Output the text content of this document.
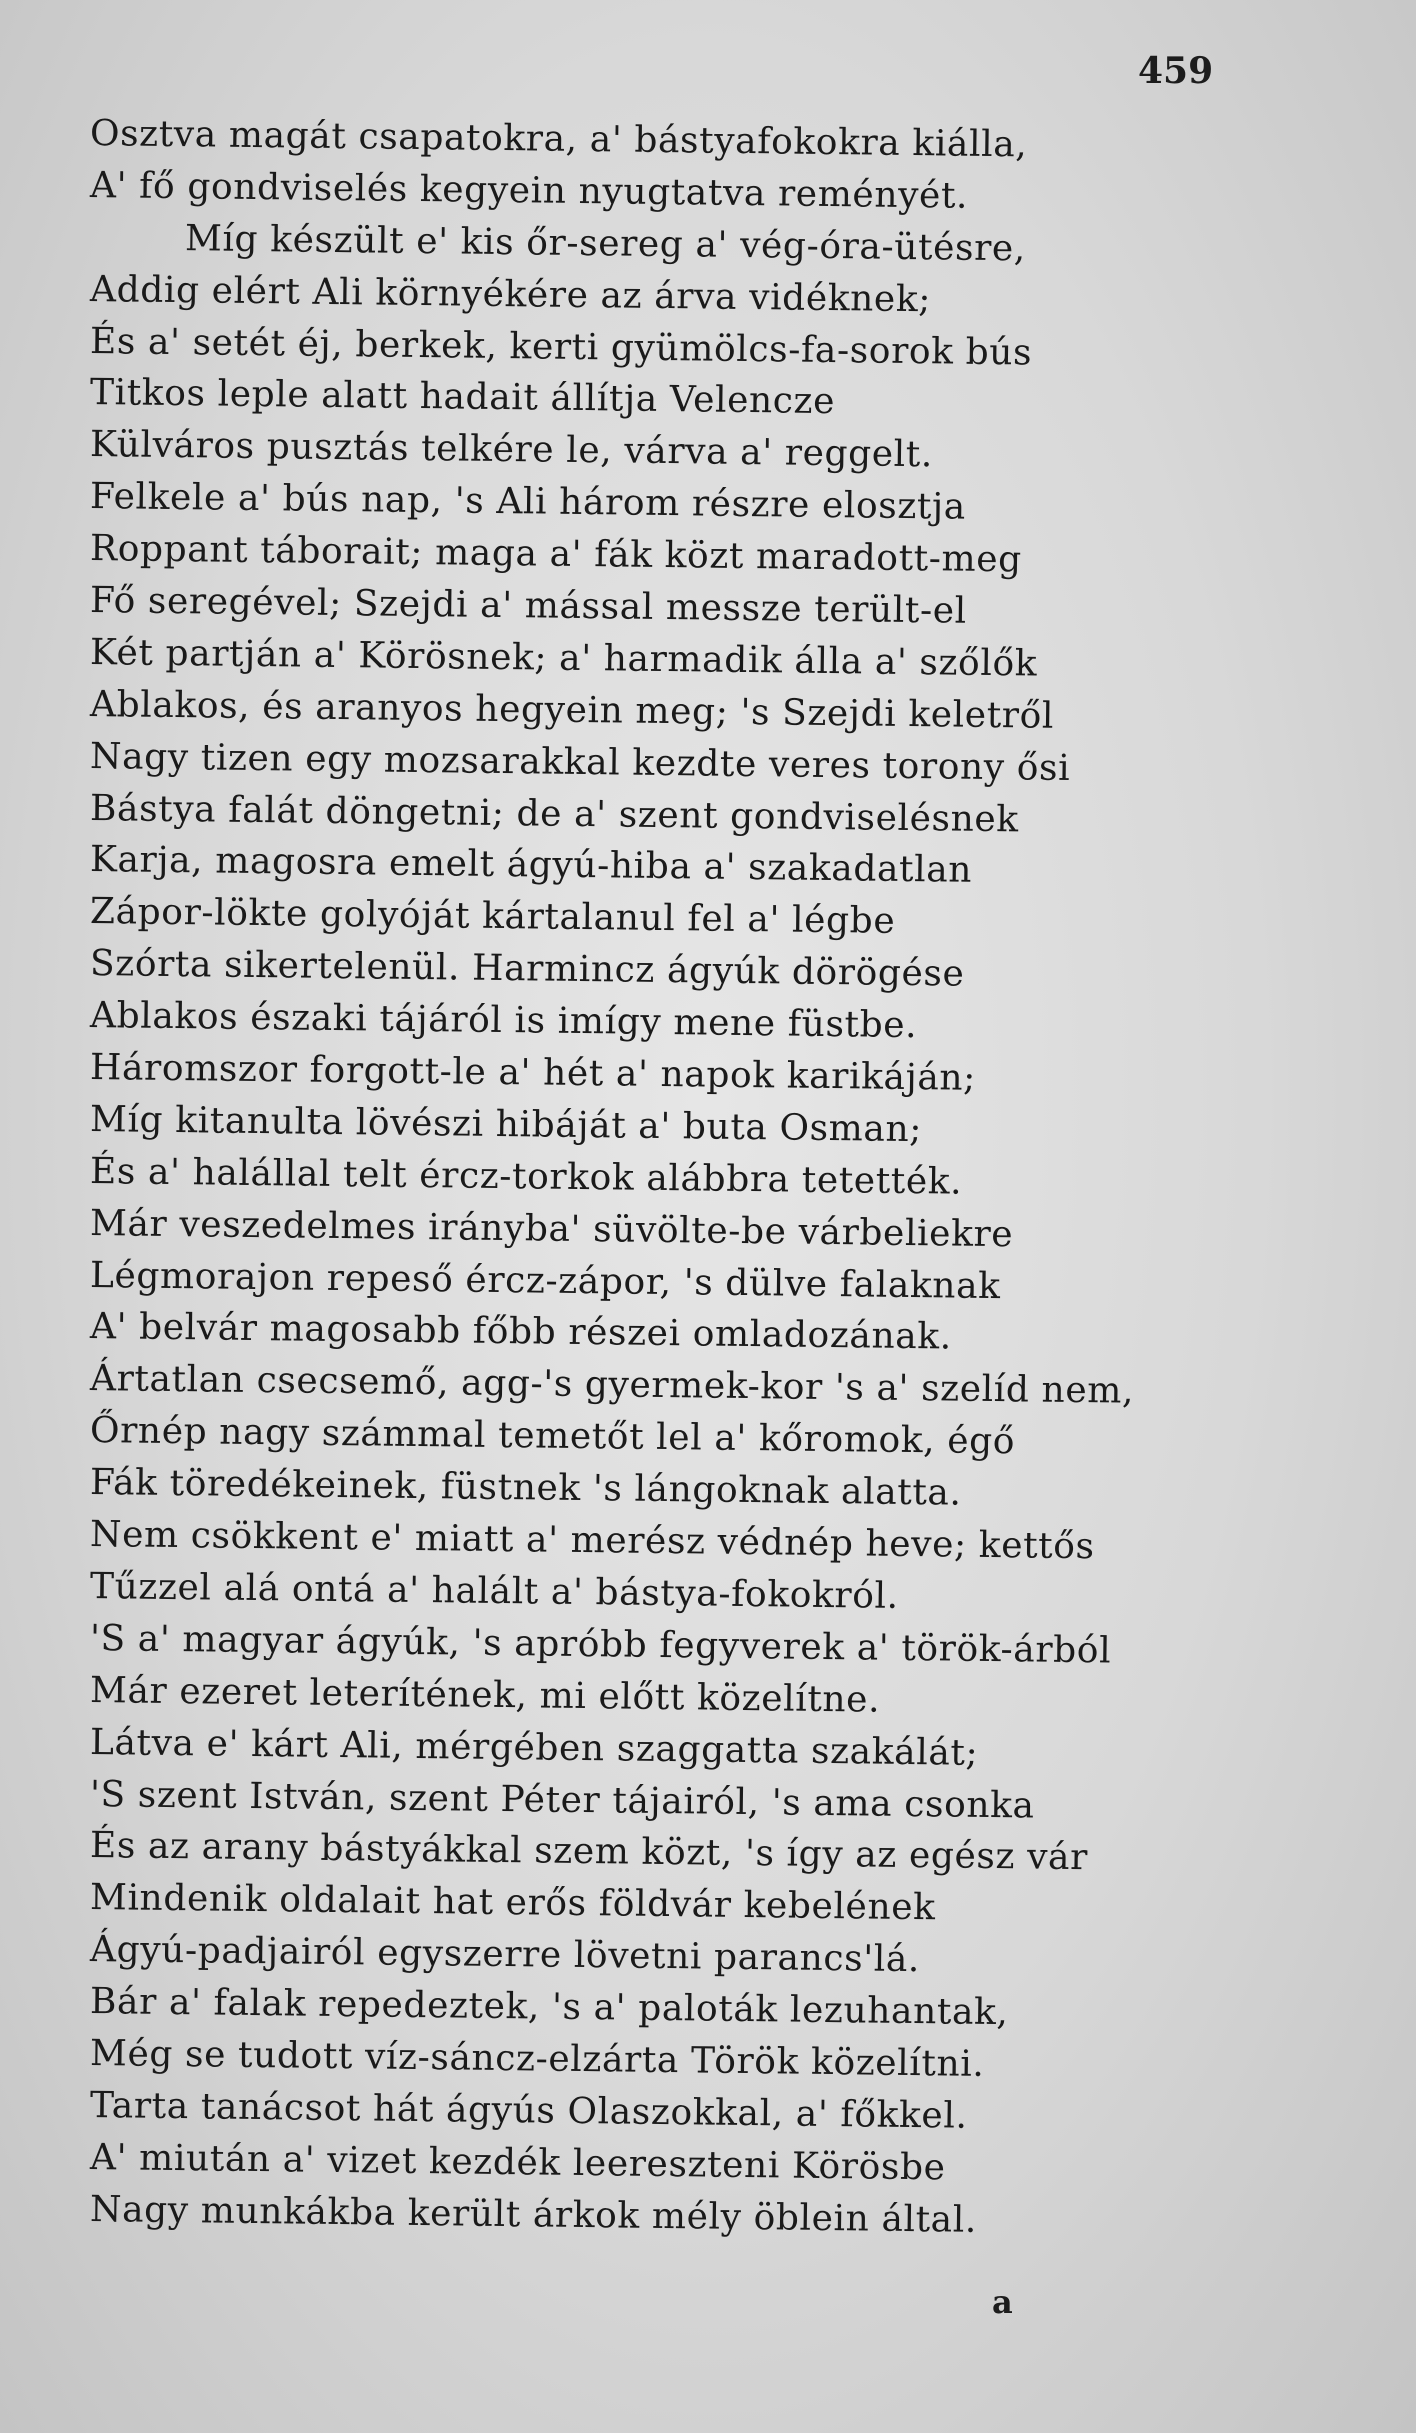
459
Osztva magát csapatokra, a' bástyafokokra kiálla,
A' fő gondviselés kegyein nyugtatva reményét.
Míg készült e' kis őr-sereg a' vég-óra-ütésre,
Addig elért Ali környékére az árva vidéknek;
És a' setét éj, berkek, kerti gyümölcs-fa-sorok bús
Titkos leple alatt hadait állítja Velencze
Külváros pusztás telkére le, várva a' reggelt.
Felkele a' bús nap, 's Ali három részre elosztja
Roppant táborait; maga a' fák közt maradott-meg
Fő seregével; Szejdi a' mással messze terült-el
Két partján a' Körösnek; a' harmadik álla a' szőlők
Ablakos, és aranyos hegyein meg; 's Szejdi keletről
Nagy tizen egy mozsarakkal kezdte veres torony ősi
Bástya falát döngetni; de a' szent gondviselésnek
Karja, magosra emelt ágyú-hiba a' szakadatlan
Zápor-lökte golyóját kártalanul fel a' légbe
Szórta sikertelenül. Harmincz ágyúk dörögése
Ablakos északi tájáról is imígy mene füstbe.
Háromszor forgott-le a' hét a' napok karikáján;
Míg kitanulta lövészi hibáját a' buta Osman;
És a' halállal telt ércz-torkok alábbra tetették.
Már veszedelmes irányba' süvölte-be várbeliekre
Légmorajon repeső ércz-zápor, 's dülve falaknak
A' belvár magosabb főbb részei omladozának.
Ártatlan csecsemő, agg-'s gyermek-kor 's a' szelíd nem,
Őrnép nagy számmal temetőt lel a' kőromok, égő
Fák töredékeinek, füstnek 's lángoknak alatta.
Nem csökkent e' miatt a' merész védnép heve; kettős
Tűzzel alá ontá a' halált a' bástya-fokokról.
'S a' magyar ágyúk, 's apróbb fegyverek a' török-árból
Már ezeret leterítének, mi előtt közelítne.
Látva e' kárt Ali, mérgében szaggatta szakálát;
'S szent István, szent Péter tájairól, 's ama csonka
És az arany bástyákkal szem közt, 's így az egész vár
Mindenik oldalait hat erős földvár kebelének
Ágyú-padjairól egyszerre lövetni parancs'lá.
Bár a' falak repedeztek, 's a' paloták lezuhantak,
Még se tudott víz-sáncz-elzárta Török közelítni.
Tarta tanácsot hát ágyús Olaszokkal, a' főkkel.
A' miután a' vizet kezdék leereszteni Körösbe
Nagy munkákba került árkok mély öblein által.
a
